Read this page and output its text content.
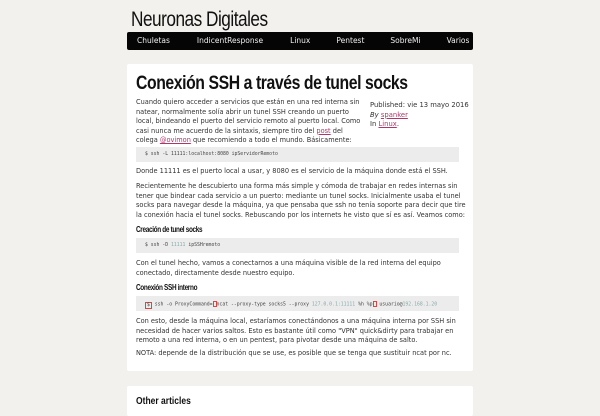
Neuronas Digitales
Chuletas	IndicentResponse	Linux	Pentest	SobreMi	Varios
Conexión SSH a través de tunel socks

Cuando quiero acceder a servicios que están en una red interna sin natear, normalmente solía abrir un tunel SSH creando un puerto local, bindeando el puerto del servicio remoto al puerto local. Como casi nunca me acuerdo de la sintaxis, siempre tiro del post del colega @ovimon que recomiendo a todo el mundo. Básicamente:

Published: vie 13 mayo 2016
By spanker
In Linux.
$ ssh -L 11111:localhost:8080 ipServidorRemoto

Donde 11111 es el puerto local a usar, y 8080 es el servicio de la máquina donde está el SSH.

Recientemente he descubierto una forma más simple y cómoda de trabajar en redes internas sin tener que bindear cada servicio a un puerto: mediante un tunel socks. Inicialmente usaba el tunel socks para navegar desde la máquina, ya que pensaba que ssh no tenía soporte para decir que tire la conexión hacia el tunel socks. Rebuscando por los internets he visto que sí es así. Veamos como:

Creación de tunel socks
$ ssh -D 11111 ipSSHremoto

Con el tunel hecho, vamos a conectarnos a una máquina visible de la red interna del equipo conectado, directamente desde nuestro equipo.

Conexión SSH interno
$ ssh -o ProxyCommand= ncat --proxy-type socks5 --proxy 127.0.0.1:11111 %h %p usuario@192.168.1.20

Con esto, desde la máquina local, estaríamos conectándonos a una máquina interna por SSH sin necesidad de hacer varios saltos. Esto es bastante útil como "VPN" quick&dirty para trabajar en remoto a una red interna, o en un pentest, para pivotar desde una máquina de salto.

NOTA: depende de la distribución que se use, es posible que se tenga que sustituir ncat por nc.

Other articles
